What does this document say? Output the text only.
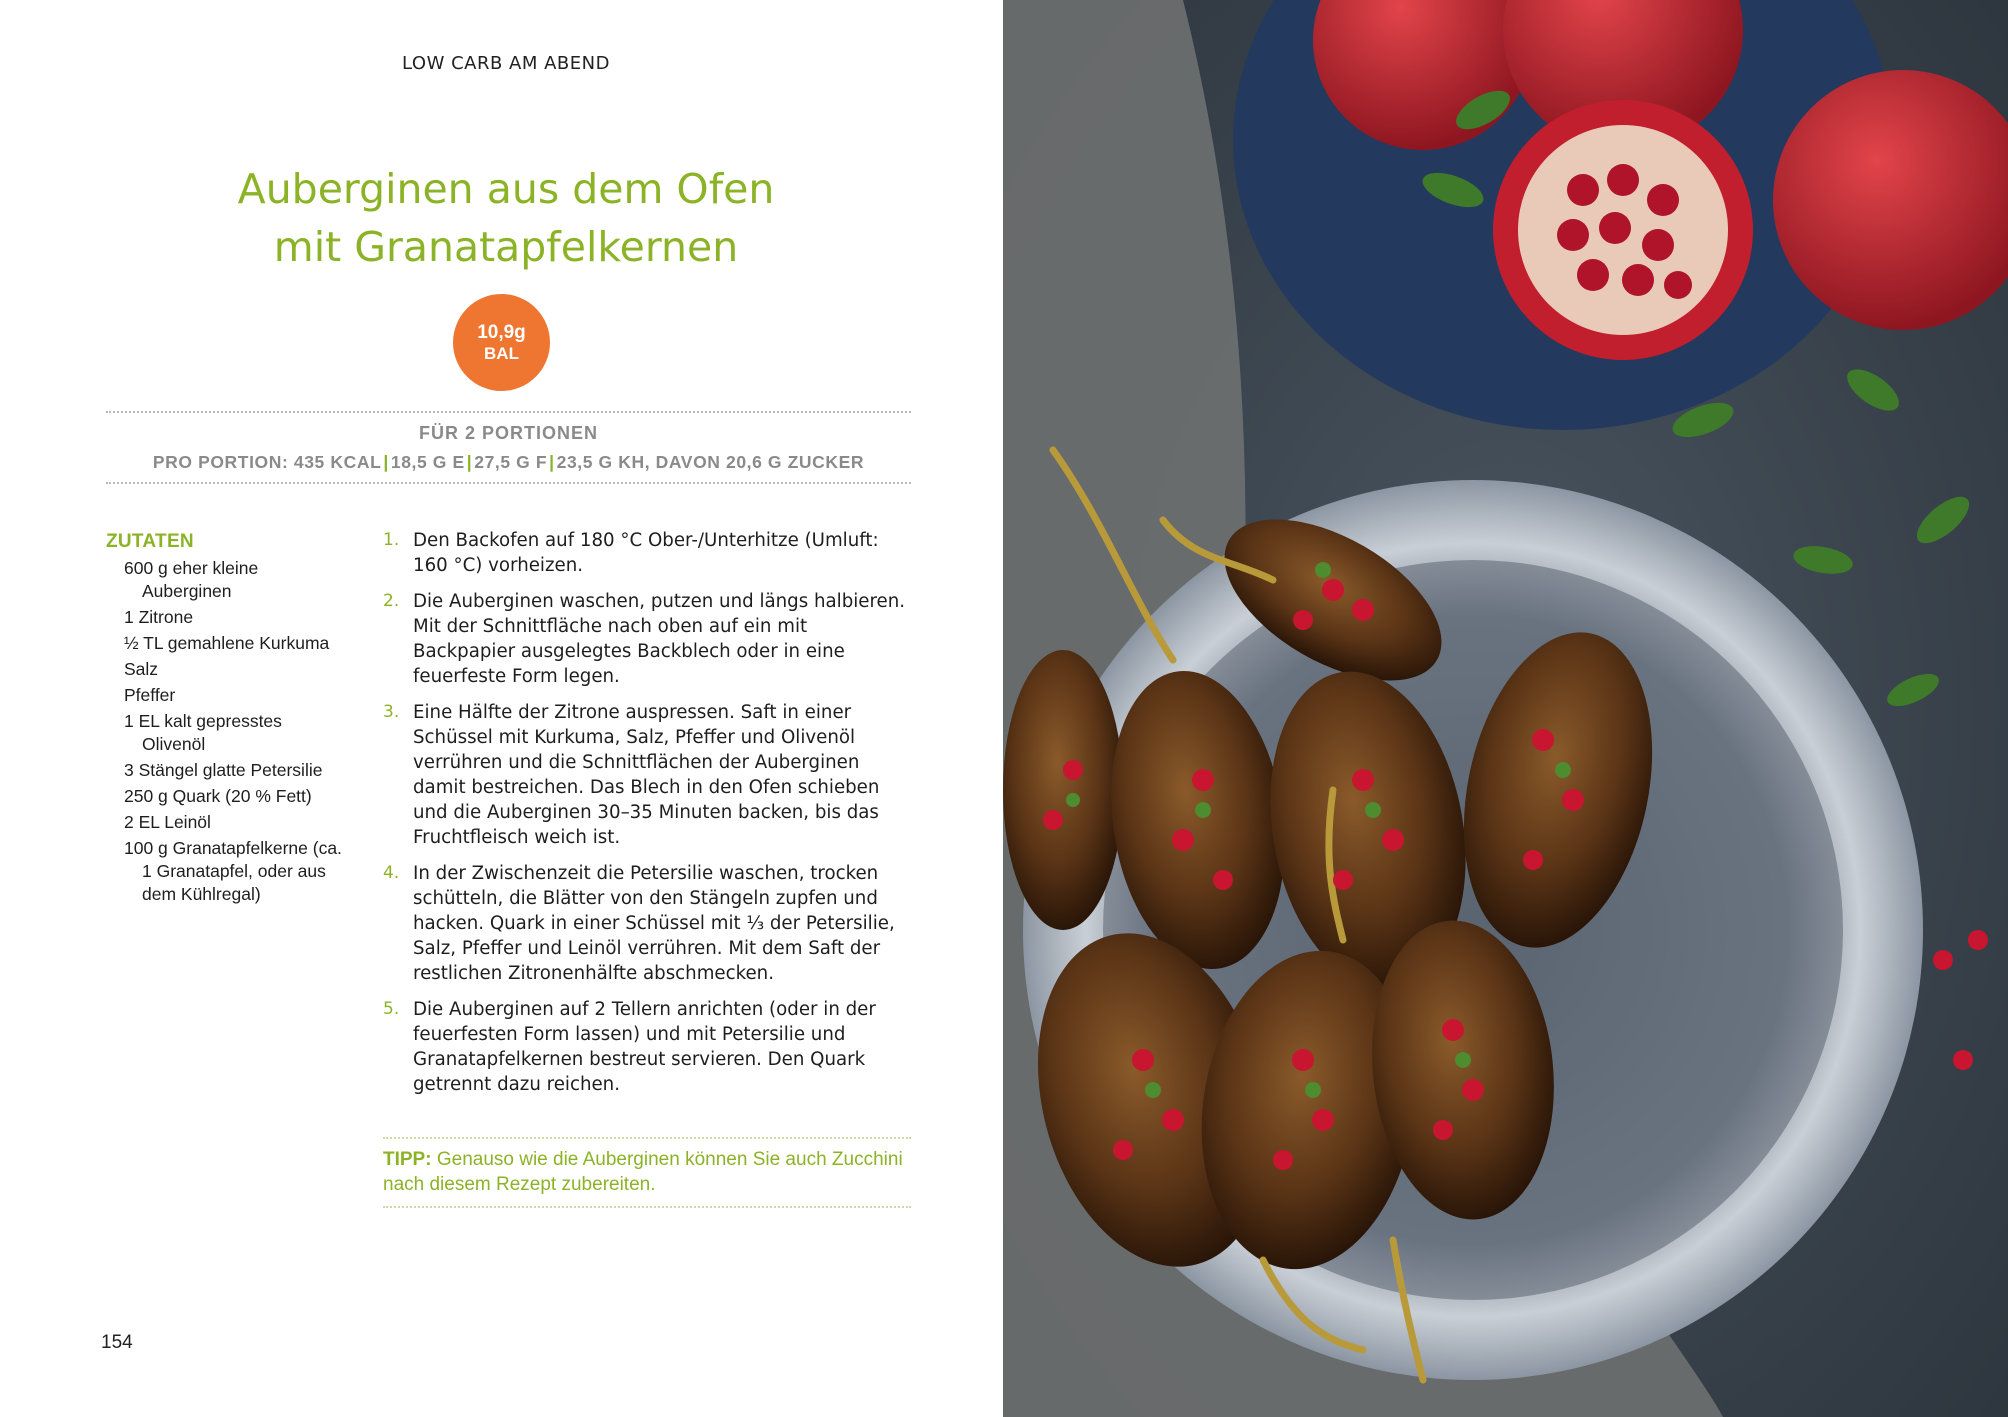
LOW CARB AM ABEND
Auberginen aus dem Ofen
mit Granatapfelkernen
10,9g
BAL
FÜR 2 PORTIONEN
PRO PORTION: 435 KCAL | 18,5 G E | 27,5 G F | 23,5 G KH, DAVON 20,6 G ZUCKER
ZUTATEN
600 g eher kleine Auberginen
1 Zitrone
½ TL gemahlene Kurkuma
Salz
Pfeffer
1 EL kalt gepresstes Olivenöl
3 Stängel glatte Petersilie
250 g Quark (20 % Fett)
2 EL Leinöl
100 g Granatapfelkerne (ca. 1 Granatapfel, oder aus dem Kühlregal)
1. Den Backofen auf 180 °C Ober-/Unterhitze (Umluft: 160 °C) vorheizen.
2. Die Auberginen waschen, putzen und längs halbieren. Mit der Schnittfläche nach oben auf ein mit Backpapier ausgelegtes Backblech oder in eine feuerfeste Form legen.
3. Eine Hälfte der Zitrone auspressen. Saft in einer Schüssel mit Kurkuma, Salz, Pfeffer und Olivenöl verrühren und die Schnittflächen der Auberginen damit bestreichen. Das Blech in den Ofen schieben und die Auberginen 30–35 Minuten backen, bis das Fruchtfleisch weich ist.
4. In der Zwischenzeit die Petersilie waschen, trocken schütteln, die Blätter von den Stängeln zupfen und hacken. Quark in einer Schüssel mit ⅓ der Petersilie, Salz, Pfeffer und Leinöl verrühren. Mit dem Saft der restlichen Zitronenhälfte abschmecken.
5. Die Auberginen auf 2 Tellern anrichten (oder in der feuerfesten Form lassen) und mit Petersilie und Granatapfelkernen bestreut servieren. Den Quark getrennt dazu reichen.
TIPP: Genauso wie die Auberginen können Sie auch Zucchini nach diesem Rezept zubereiten.
154
